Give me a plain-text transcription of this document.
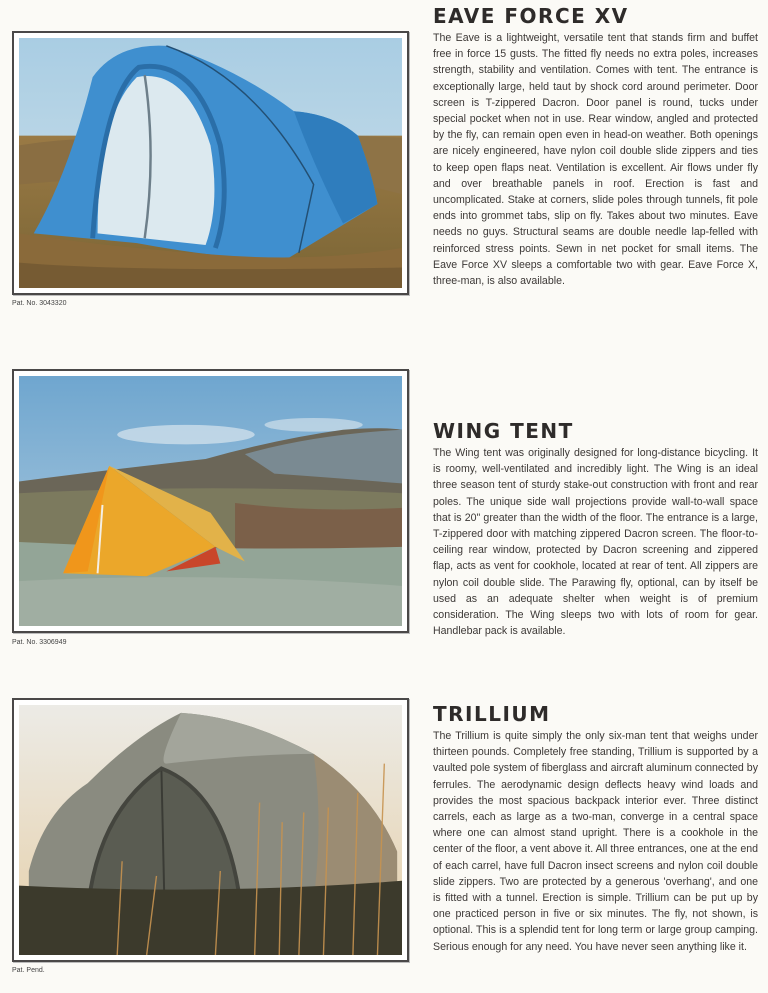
Pat. No. 3043320
EAVE FORCE XV

The Eave is a lightweight, versatile tent that stands firm and buffet free in force 15 gusts. The fitted fly needs no extra poles, increases strength, stability and ventilation. Comes with tent. The entrance is exceptionally large, held taut by shock cord around perimeter. Door screen is T-zippered Dacron. Door panel is round, tucks under special pocket when not in use. Rear window, angled and protected by the fly, can remain open even in head-on weather. Both openings are nicely engineered, have nylon coil double slide zippers and ties to keep open flaps neat. Ventilation is excellent. Air flows under fly and over breathable panels in roof. Erection is fast and uncomplicated. Stake at corners, slide poles through tunnels, fit pole ends into grommet tabs, slip on fly. Takes about two minutes. Eave needs no guys. Structural seams are double needle lap-felled with reinforced stress points. Sewn in net pocket for small items. The Eave Force XV sleeps a comfortable two with gear. Eave Force X, three-man, is also available.

Pat. No. 3306949
WING TENT

The Wing tent was originally designed for long-distance bicycling. It is roomy, well-ventilated and incredibly light. The Wing is an ideal three season tent of sturdy stake-out construction with front and rear poles. The unique side wall projections provide wall-to-wall space that is 20" greater than the width of the floor. The entrance is a large, T-zippered door with matching zippered Dacron screen. The floor-to-ceiling rear window, protected by Dacron screening and zippered flap, acts as vent for cookhole, located at rear of tent. All zippers are nylon coil double slide. The Parawing fly, optional, can by itself be used as an adequate shelter when weight is of premium consideration. The Wing sleeps two with lots of room for gear. Handlebar pack is available.

Pat. Pend.
TRILLIUM

The Trillium is quite simply the only six-man tent that weighs under thirteen pounds. Completely free standing, Trillium is supported by a vaulted pole system of fiberglass and aircraft aluminum connected by ferrules. The aerodynamic design deflects heavy wind loads and provides the most spacious backpack interior ever. Three distinct carrels, each as large as a two-man, converge in a central space where one can almost stand upright. There is a cookhole in the center of the floor, a vent above it. All three entrances, one at the end of each carrel, have full Dacron insect screens and nylon coil double slide zippers. Two are protected by a generous 'overhang', and one is fitted with a tunnel. Erection is simple. Trillium can be put up by one practiced person in five or six minutes. The fly, not shown, is optional. This is a splendid tent for long term or large group camping. Serious enough for any need. You have never seen anything like it.
